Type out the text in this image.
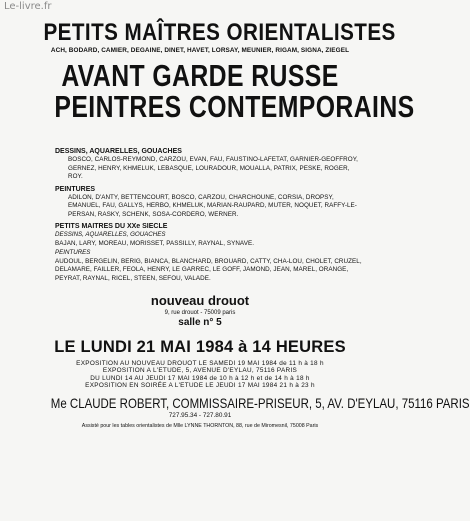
Le-livre.fr
PETITS MAÎTRES ORIENTALISTES
ACH, BODARD, CAMIER, DEGAINE, DINET, HAVET, LORSAY, MEUNIER, RIGAM, SIGNA, ZIEGEL
AVANT GARDE RUSSE
PEINTRES CONTEMPORAINS
DESSINS, AQUARELLES, GOUACHES
BOSCO, CARLOS-REYMOND, CARZOU, EVAN, FAU, FAUSTINO-LAFETAT, GARNIER-GEOFFROY, GERNEZ, HENRY, KHMELUK, LEBASQUE, LOURADOUR, MOUALLA, PATRIX, PESKE, ROGER, ROY.
PEINTURES
ADILON, D'ANTY, BETTENCOURT, BOSCO, CARZOU, CHARCHOUNE, CORSIA, DROPSY, EMANUEL, FAU, GALLYS, HERBO, KHMELUK, MARIAN-RAUPARD, MUTER, NOQUET, RAFFY-LE-PERSAN, RASKY, SCHENK, SOSA-CORDERO, WERNER.
PETITS MAITRES DU XXe SIECLE
DESSINS, AQUARELLES, GOUACHES
BAJAN, LARY, MOREAU, MORISSET, PASSILLY, RAYNAL, SYNAVE.
PEINTURES
AUDOUL, BERGELIN, BERIG, BIANCA, BLANCHARD, BROUARD, CATTY, CHA-LOU, CHOLET, CRUZEL, DELAMARE, FAILLER, FEOLA, HENRY, LE GARREC, LE GOFF, JAMOND, JEAN, MAREL, ORANGE, PEYRAT, RAYNAL, RICEL, STEEN, SEFOU, VALADE.
nouveau drouot
9, rue drouot - 75009 paris
salle n° 5
LE LUNDI 21 MAI 1984 à 14 HEURES
EXPOSITION AU NOUVEAU DROUOT LE SAMEDI 19 MAI 1984 de 11 h à 18 h
EXPOSITION A L'ETUDE, 5, AVENUE D'EYLAU, 75116 PARIS
DU LUNDI 14 AU JEUDI 17 MAI 1984 de 10 h à 12 h et de 14 h à 18 h
EXPOSITION EN SOIRÉE A L'ETUDE LE JEUDI 17 MAI 1984 21 h à 23 h
Me CLAUDE ROBERT, COMMISSAIRE-PRISEUR, 5, AV. D'EYLAU, 75116 PARIS
727.95.34 - 727.80.91
Assisté pour les tables orientalistes de Mlle LYNNE THORNTON, 88, rue de Miromesnil, 75008 Paris
